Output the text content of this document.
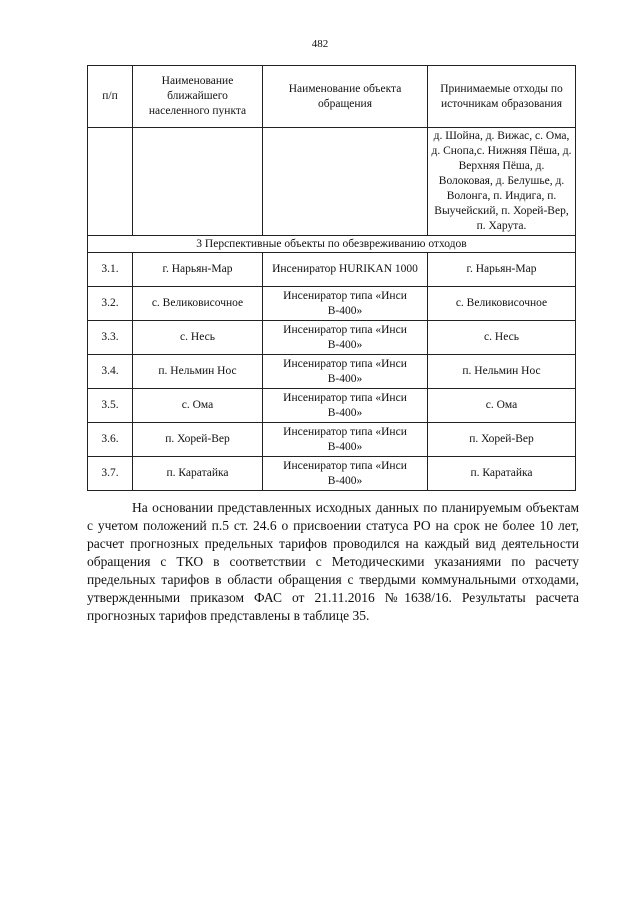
482
п/п	Наименование ближайшего населенного пункта	Наименование объекта обращения	Принимаемые отходы по источникам образования
			д. Шойна, д. Вижас, с. Ома, д. Снопа,с. Нижняя Пёша, д. Верхняя Пёша, д. Волоковая, д. Белушье, д. Волонга, п. Индига, п. Выучейский, п. Хорей-Вер, п. Харута.
3 Перспективные объекты по обезвреживанию отходов			
3.1.	г. Нарьян-Мар	Инсениратор HURIKAN 1000	г. Нарьян-Мар
3.2.	с. Великовисочное	Инсениратор типа «Инси В-400»	с. Великовисочное
3.3.	с. Несь	Инсениратор типа «Инси В-400»	с. Несь
3.4.	п. Нельмин Нос	Инсениратор типа «Инси В-400»	п. Нельмин Нос
3.5.	с. Ома	Инсениратор типа «Инси В-400»	с. Ома
3.6.	п. Хорей-Вер	Инсениратор типа «Инси В-400»	п. Хорей-Вер
3.7.	п. Каратайка	Инсениратор типа «Инси В-400»	п. Каратайка

На основании представленных исходных данных по планируемым объектам с учетом положений п.5 ст. 24.6 о присвоении статуса РО на срок не более 10 лет, расчет прогнозных предельных тарифов проводился на каждый вид деятельности обращения с ТКО в соответствии с Методическими указаниями по расчету предельных тарифов в области обращения с твердыми коммунальными отходами, утвержденными приказом ФАС от 21.11.2016 №1638/16. Результаты расчета прогнозных тарифов представлены в таблице 35.
